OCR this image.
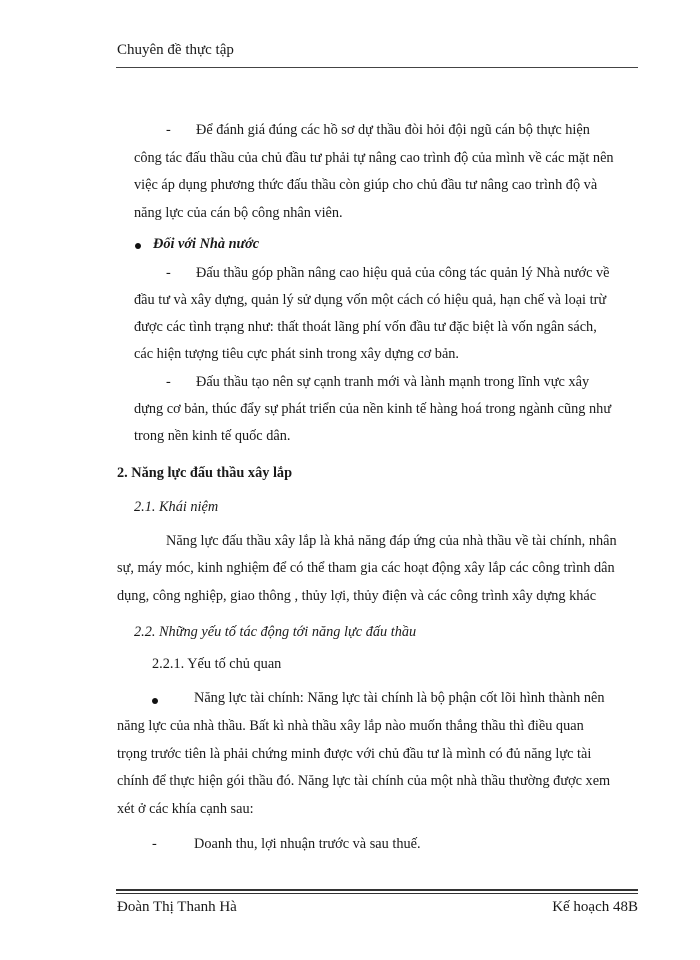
Chuyên đề thực tập
- Để đánh giá đúng các hồ sơ dự thầu đòi hỏi đội ngũ cán bộ thực hiện
công tác đấu thầu của chủ đầu tư phải tự nâng cao trình độ của mình về các mặt nên
việc áp dụng phương thức đấu thầu còn giúp cho chủ đầu tư nâng cao trình độ và
năng lực của cán bộ công nhân viên.
Đối với Nhà nước
- Đấu thầu góp phần nâng cao hiệu quả của công tác quản lý Nhà nước về
đầu tư và xây dựng, quản lý sử dụng vốn một cách có hiệu quả, hạn chế và loại trừ
được các tình trạng như: thất thoát lãng phí vốn đầu tư đặc biệt là vốn ngân sách,
các hiện tượng tiêu cực phát sinh trong xây dựng cơ bản.
- Đấu thầu tạo nên sự cạnh tranh mới và lành mạnh trong lĩnh vực xây
dựng cơ bản, thúc đẩy sự phát triển của nền kinh tế hàng hoá trong ngành cũng như
trong nền kinh tế quốc dân.
2. Năng lực đấu thầu xây lắp
2.1. Khái niệm
Năng lực đấu thầu xây lắp là khả năng đáp ứng của nhà thầu về tài chính, nhân
sự, máy móc, kinh nghiệm để có thể tham gia các hoạt động xây lắp các công trình dân
dụng, công nghiệp, giao thông , thủy lợi, thủy điện và các công trình xây dựng khác
2.2. Những yếu tố tác động tới năng lực đấu thầu
2.2.1. Yếu tố chủ quan
Năng lực tài chính: Năng lực tài chính là bộ phận cốt lõi hình thành nên
năng lực của nhà thầu. Bất kì nhà thầu xây lắp nào muốn thắng thầu thì điều quan
trọng trước tiên là phải chứng minh được với chủ đầu tư là mình có đủ năng lực tài
chính để thực hiện gói thầu đó. Năng lực tài chính của một nhà thầu thường được xem
xét ở các khía cạnh sau:
-	Doanh thu, lợi nhuận trước và sau thuế.
Đoàn Thị Thanh Hà	Kế hoạch 48B
